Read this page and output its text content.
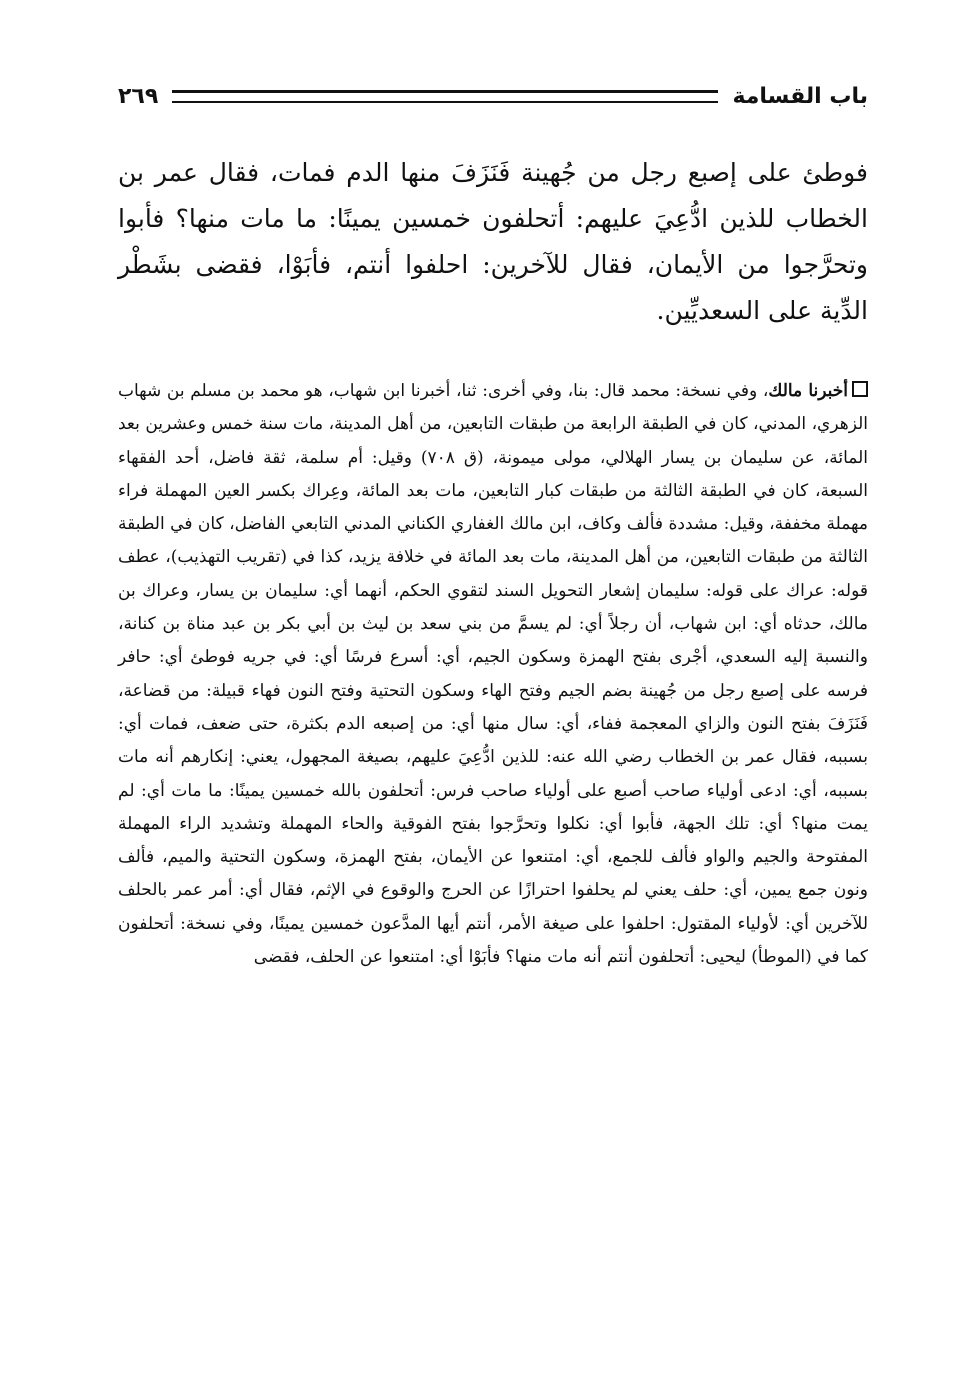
باب القسامة
٢٦٩

فوطئ على إصبع رجل من جُهينة فَنَزَفَ منها الدم فمات، فقال عمر بن الخطاب للذين ادُّعِيَ عليهم: أتحلفون خمسين يمينًا: ما مات منها؟ فأبوا وتحرَّجوا من الأيمان، فقال للآخرين: احلفوا أنتم، فأبَوْا، فقضى بشَطْر الدِّية على السعديِّين.

أخبرنا مالك، وفي نسخة: محمد قال: بنا، وفي أخرى: ثنا، أخبرنا ابن شهاب، هو محمد بن مسلم بن شهاب الزهري، المدني، كان في الطبقة الرابعة من طبقات التابعين، من أهل المدينة، مات سنة خمس وعشرين بعد المائة، عن سليمان بن يسار الهلالي، مولى ميمونة، (ق ٧٠٨) وقيل: أم سلمة، ثقة فاضل، أحد الفقهاء السبعة، كان في الطبقة الثالثة من طبقات كبار التابعين، مات بعد المائة، وعِراك بكسر العين المهملة فراء مهملة مخففة، وقيل: مشددة فألف وكاف، ابن مالك الغفاري الكناني المدني التابعي الفاضل، كان في الطبقة الثالثة من طبقات التابعين، من أهل المدينة، مات بعد المائة في خلافة يزيد، كذا في (تقريب التهذيب)، عطف قوله: عراك على قوله: سليمان إشعار التحويل السند لتقوي الحكم، أنهما أي: سليمان بن يسار، وعراك بن مالك، حدثاه أي: ابن شهاب، أن رجلاً أي: لم يسمَّ من بني سعد بن ليث بن أبي بكر بن عبد مناة بن كنانة، والنسبة إليه السعدي، أجْرى بفتح الهمزة وسكون الجيم، أي: أسرع فرسًا أي: في جريه فوطئ أي: حافر فرسه على إصبع رجل من جُهينة بضم الجيم وفتح الهاء وسكون التحتية وفتح النون فهاء قبيلة: من قضاعة، فَنَزَفَ بفتح النون والزاي المعجمة ففاء، أي: سال منها أي: من إصبعه الدم بكثرة، حتى ضعف، فمات أي: بسببه، فقال عمر بن الخطاب رضي الله عنه: للذين ادُّعِيَ عليهم، بصيغة المجهول، يعني: إنكارهم أنه مات بسببه، أي: ادعى أولياء صاحب أصبع على أولياء صاحب فرس: أتحلفون بالله خمسين يمينًا: ما مات أي: لم يمت منها؟ أي: تلك الجهة، فأبوا أي: نكلوا وتحرَّجوا بفتح الفوقية والحاء المهملة وتشديد الراء المهملة المفتوحة والجيم والواو فألف للجمع، أي: امتنعوا عن الأيمان، بفتح الهمزة، وسكون التحتية والميم، فألف ونون جمع يمين، أي: حلف يعني لم يحلفوا احترازًا عن الحرج والوقوع في الإثم، فقال أي: أمر عمر بالحلف للآخرين أي: لأولياء المقتول: احلفوا على صيغة الأمر، أنتم أيها المدَّعون خمسين يمينًا، وفي نسخة: أتحلفون كما في (الموطأ) ليحيى: أتحلفون أنتم أنه مات منها؟ فأبَوْا أي: امتنعوا عن الحلف، فقضى
